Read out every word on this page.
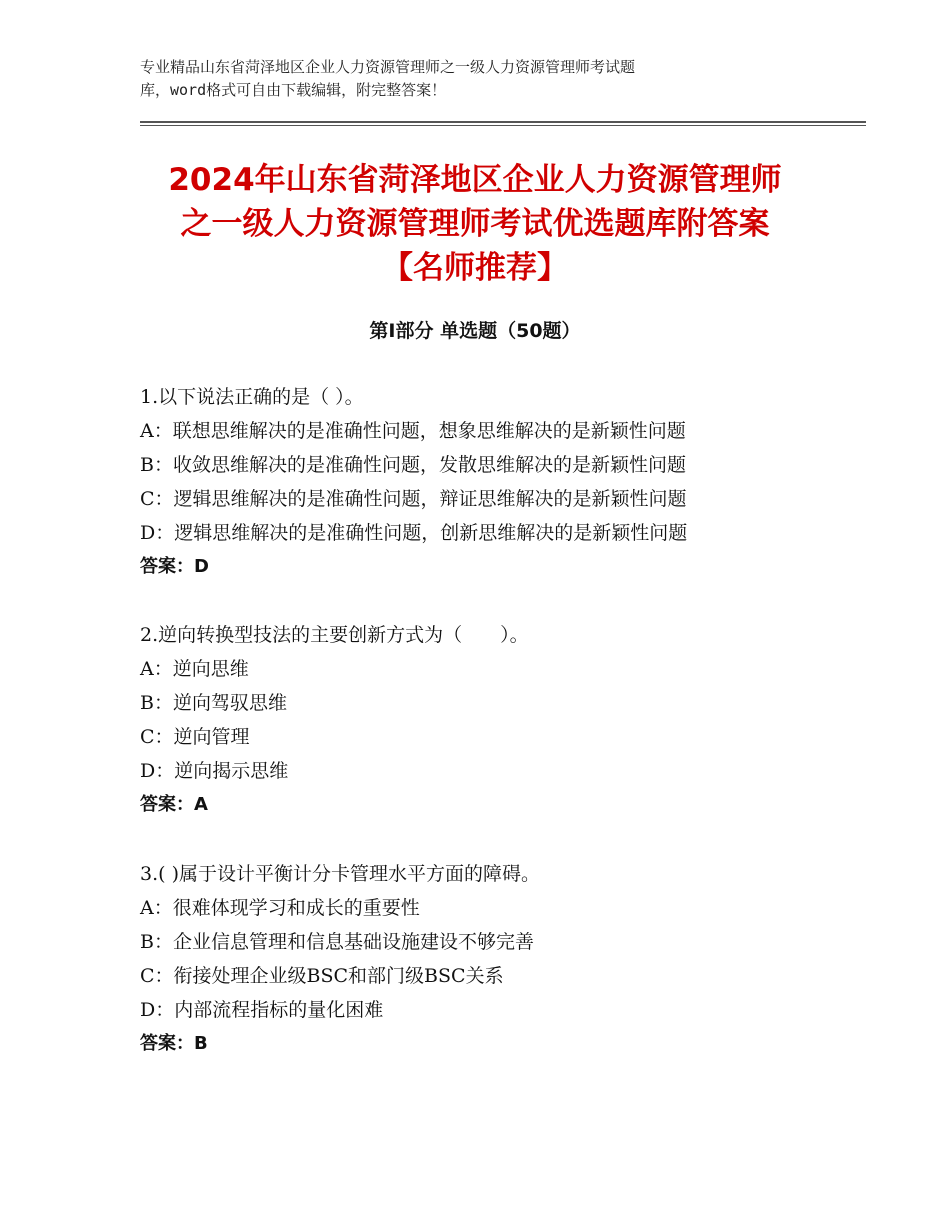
专业精品山东省菏泽地区企业人力资源管理师之一级人力资源管理师考试题
库，word格式可自由下载编辑，附完整答案！
2024年山东省菏泽地区企业人力资源管理师
之一级人力资源管理师考试优选题库附答案
【名师推荐】
第Ⅰ部分 单选题（50题）
1.以下说法正确的是（ ）。
A：联想思维解决的是准确性问题，想象思维解决的是新颖性问题
B：收敛思维解决的是准确性问题，发散思维解决的是新颖性问题
C：逻辑思维解决的是准确性问题，辩证思维解决的是新颖性问题
D：逻辑思维解决的是准确性问题，创新思维解决的是新颖性问题
答案：D
2.逆向转换型技法的主要创新方式为（　　）。
A：逆向思维
B：逆向驾驭思维
C：逆向管理
D：逆向揭示思维
答案：A
3.( )属于设计平衡计分卡管理水平方面的障碍。
A：很难体现学习和成长的重要性
B：企业信息管理和信息基础设施建设不够完善
C：衔接处理企业级BSC和部门级BSC关系
D：内部流程指标的量化困难
答案：B
